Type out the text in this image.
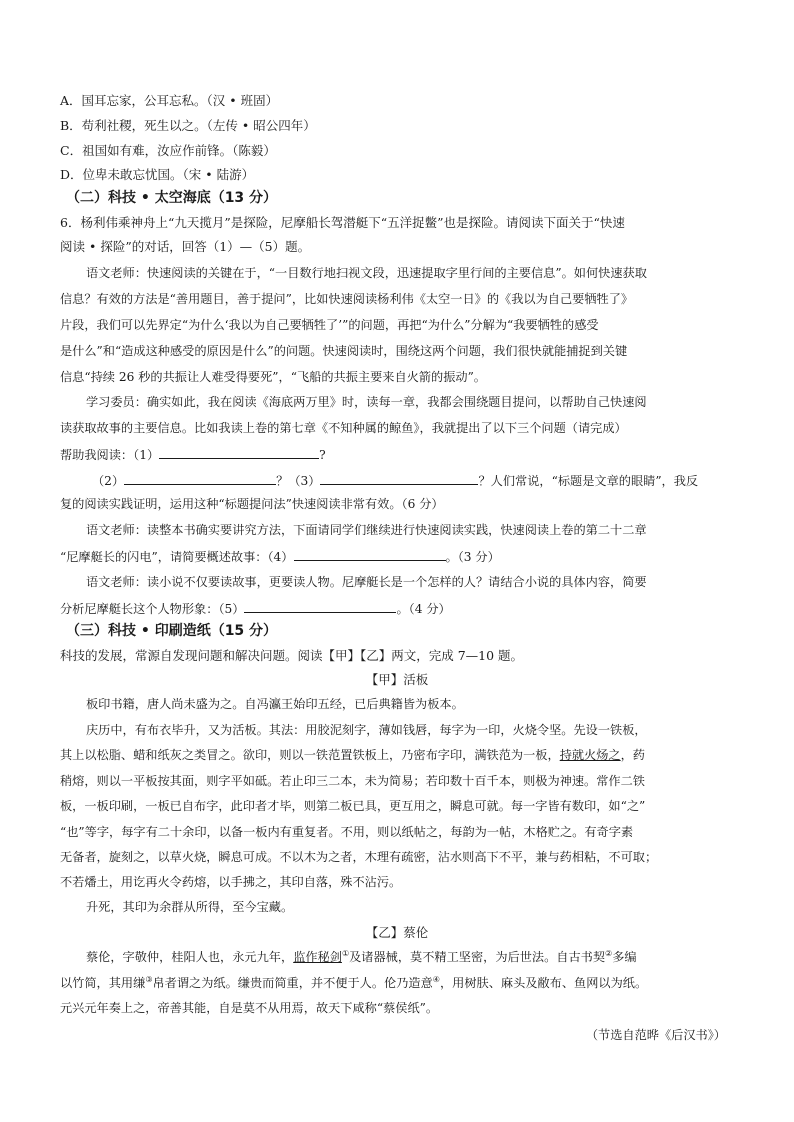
A．国耳忘家，公耳忘私。（汉 • 班固）
B．苟利社稷，死生以之。（左传 • 昭公四年）
C．祖国如有难，汝应作前锋。（陈毅）
D．位卑未敢忘忧国。（宋 • 陆游）
（二）科技 • 太空海底（13 分）
6．杨利伟乘神舟上“九天揽月”是探险，尼摩船长驾潜艇下“五洋捉鳖”也是探险。请阅读下面关于“快速
阅读 • 探险”的对话，回答（1）—（5）题。
语文老师：快速阅读的关键在于，“一目数行地扫视文段，迅速提取字里行间的主要信息”。如何快速获取
信息？有效的方法是“善用题目，善于提问”，比如快速阅读杨利伟《太空一日》的《我以为自己要牺牲了》
片段，我们可以先界定“为什么‘我以为自己要牺牲了’”的问题，再把“为什么”分解为“我要牺牲的感受
是什么”和“造成这种感受的原因是什么”的问题。快速阅读时，围绕这两个问题，我们很快就能捕捉到关键
信息“持续 26 秒的共振让人难受得要死”，“飞船的共振主要来自火箭的振动”。
学习委员：确实如此，我在阅读《海底两万里》时，读每一章，我都会围绕题目提问，以帮助自己快速阅
读获取故事的主要信息。比如我读上卷的第七章《不知种属的鲸鱼》，我就提出了以下三个问题（请完成）
帮助我阅读：（1）	?
（2）	？（3）	？人们常说，“标题是文章的眼睛”，我反
复的阅读实践证明，运用这种“标题提问法”快速阅读非常有效。（6 分）
语文老师：读整本书确实要讲究方法，下面请同学们继续进行快速阅读实践，快速阅读上卷的第二十二章
“尼摩艇长的闪电”，请简要概述故事：（4）	。（3 分）
语文老师：读小说不仅要读故事，更要读人物。尼摩艇长是一个怎样的人？请结合小说的具体内容，简要
分析尼摩艇长这个人物形象：（5）	。（4 分）
（三）科技 • 印刷造纸（15 分）
科技的发展，常源自发现问题和解决问题。阅读【甲】【乙】两文，完成 7—10 题。
【甲】活板
板印书籍，唐人尚未盛为之。自冯瀛王始印五经，已后典籍皆为板本。
庆历中，有布衣毕升，又为活板。其法：用胶泥刻字，薄如钱唇，每字为一印，火烧令坚。先设一铁板，
其上以松脂、蜡和纸灰之类冒之。欲印，则以一铁范置铁板上，乃密布字印，满铁范为一板，持就火炀之，药
稍熔，则以一平板按其面，则字平如砥。若止印三二本，未为简易；若印数十百千本，则极为神速。常作二铁
板，一板印刷，一板已自布字，此印者才毕，则第二板已具，更互用之，瞬息可就。每一字皆有数印，如“之”
“也”等字，每字有二十余印，以备一板内有重复者。不用，则以纸帖之，每韵为一帖，木格贮之。有奇字素
无备者，旋刻之，以草火烧，瞬息可成。不以木为之者，木理有疏密，沾水则高下不平，兼与药相粘，不可取；
不若燔土，用讫再火令药熔，以手拂之，其印自落，殊不沾污。
升死，其印为余群从所得，至今宝藏。
【乙】蔡伦
蔡伦，字敬仲，桂阳人也，永元九年，监作秘剑①及诸器械，莫不精工坚密，为后世法。自古书契②多编
以竹简，其用缣③帛者谓之为纸。缣贵而简重，并不便于人。伦乃造意④，用树肤、麻头及敝布、鱼网以为纸。
元兴元年奏上之，帝善其能，自是莫不从用焉，故天下咸称“蔡侯纸”。
（节选自范晔《后汉书》）
